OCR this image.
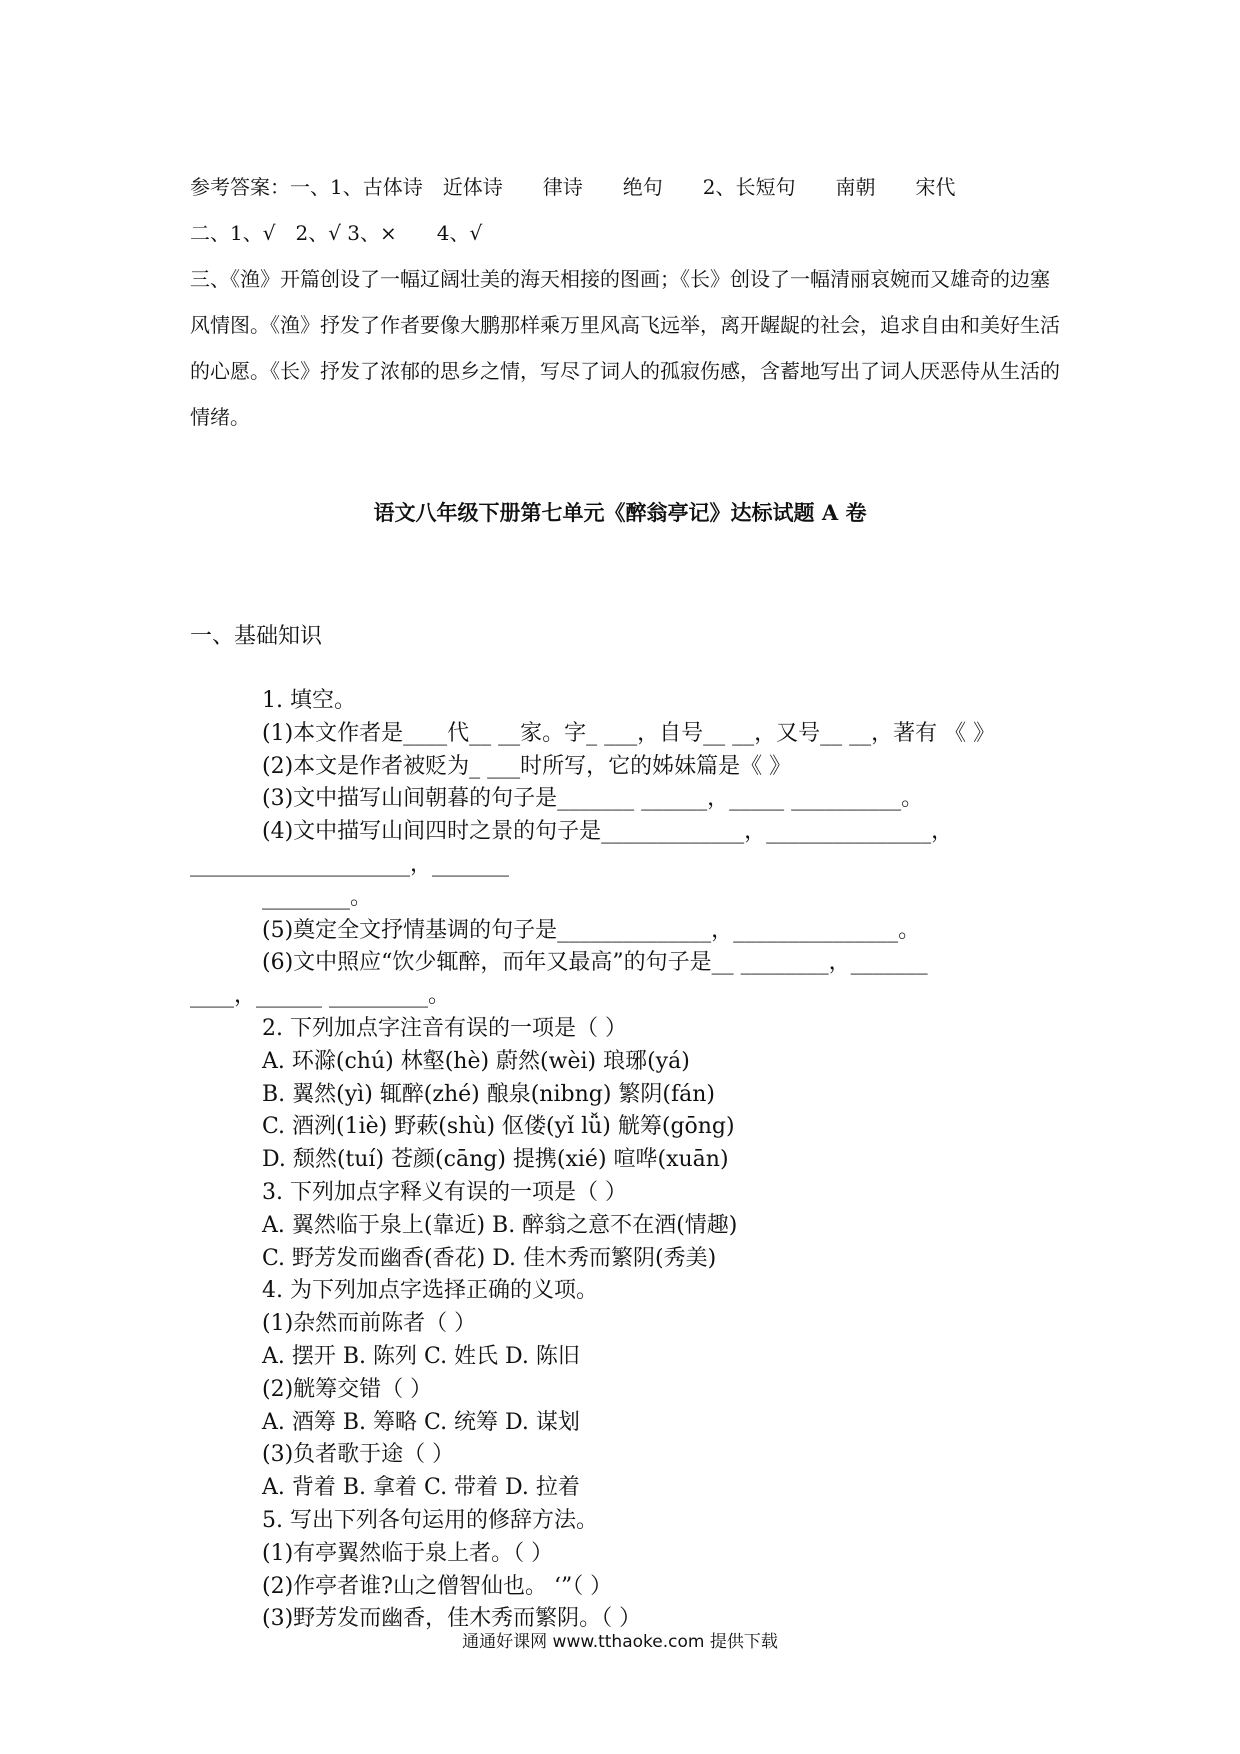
参考答案：一、1、古体诗　近体诗　　律诗　　绝句　　2、长短句　　南朝　　宋代

二、1、√　2、√ 3、×　　4、√

三、《渔》开篇创设了一幅辽阔壮美的海天相接的图画；《长》创设了一幅清丽哀婉而又雄奇的边塞风情图。《渔》抒发了作者要像大鹏那样乘万里风高飞远举，离开龌龊的社会，追求自由和美好生活的心愿。《长》抒发了浓郁的思乡之情，写尽了词人的孤寂伤感，含蓄地写出了词人厌恶侍从生活的情绪。

语文八年级下册第七单元《醉翁亭记》达标试题 A 卷
一、基础知识
1. 填空。
(1)本文作者是____代__ __家。字_ ___，自号__ __，又号__ __，著有 《 》
(2)本文是作者被贬为_ ___时所写，它的姊妹篇是《 》
(3)文中描写山间朝暮的句子是_______ ______，_____ __________。
(4)文中描写山间四时之景的句子是_____________，_______________，
____________________，_______
________。
(5)奠定全文抒情基调的句子是______________，_______________。
(6)文中照应“饮少辄醉，而年又最高”的句子是__ ________，_______
____，______ _________。
2. 下列加点字注音有误的一项是（ ）
A. 环滁(chú) 林壑(hè) 蔚然(wèi) 琅琊(yá)
B. 翼然(yì) 辄醉(zhé) 酿泉(nibng) 繁阴(fán)
C. 酒洌(1iè) 野蔌(shù) 伛偻(yǐ lǚ) 觥筹(gōng)
D. 颓然(tuí) 苍颜(cāng) 提携(xié) 喧哗(xuān)
3. 下列加点字释义有误的一项是（ ）
A. 翼然临于泉上(靠近) B. 醉翁之意不在酒(情趣)
C. 野芳发而幽香(香花) D. 佳木秀而繁阴(秀美)
4. 为下列加点字选择正确的义项。
(1)杂然而前陈者（ ）
A. 摆开 B. 陈列 C. 姓氏 D. 陈旧
(2)觥筹交错（ ）
A. 酒筹 B. 筹略 C. 统筹 D. 谋划
(3)负者歌于途（ ）
A. 背着 B. 拿着 C. 带着 D. 拉着
5. 写出下列各句运用的修辞方法。
(1)有亭翼然临于泉上者。（ ）
(2)作亭者谁?山之僧智仙也。 ‘”（ ）
(3)野芳发而幽香，佳木秀而繁阴。（ ）
通通好课网 www.tthaoke.com 提供下载
